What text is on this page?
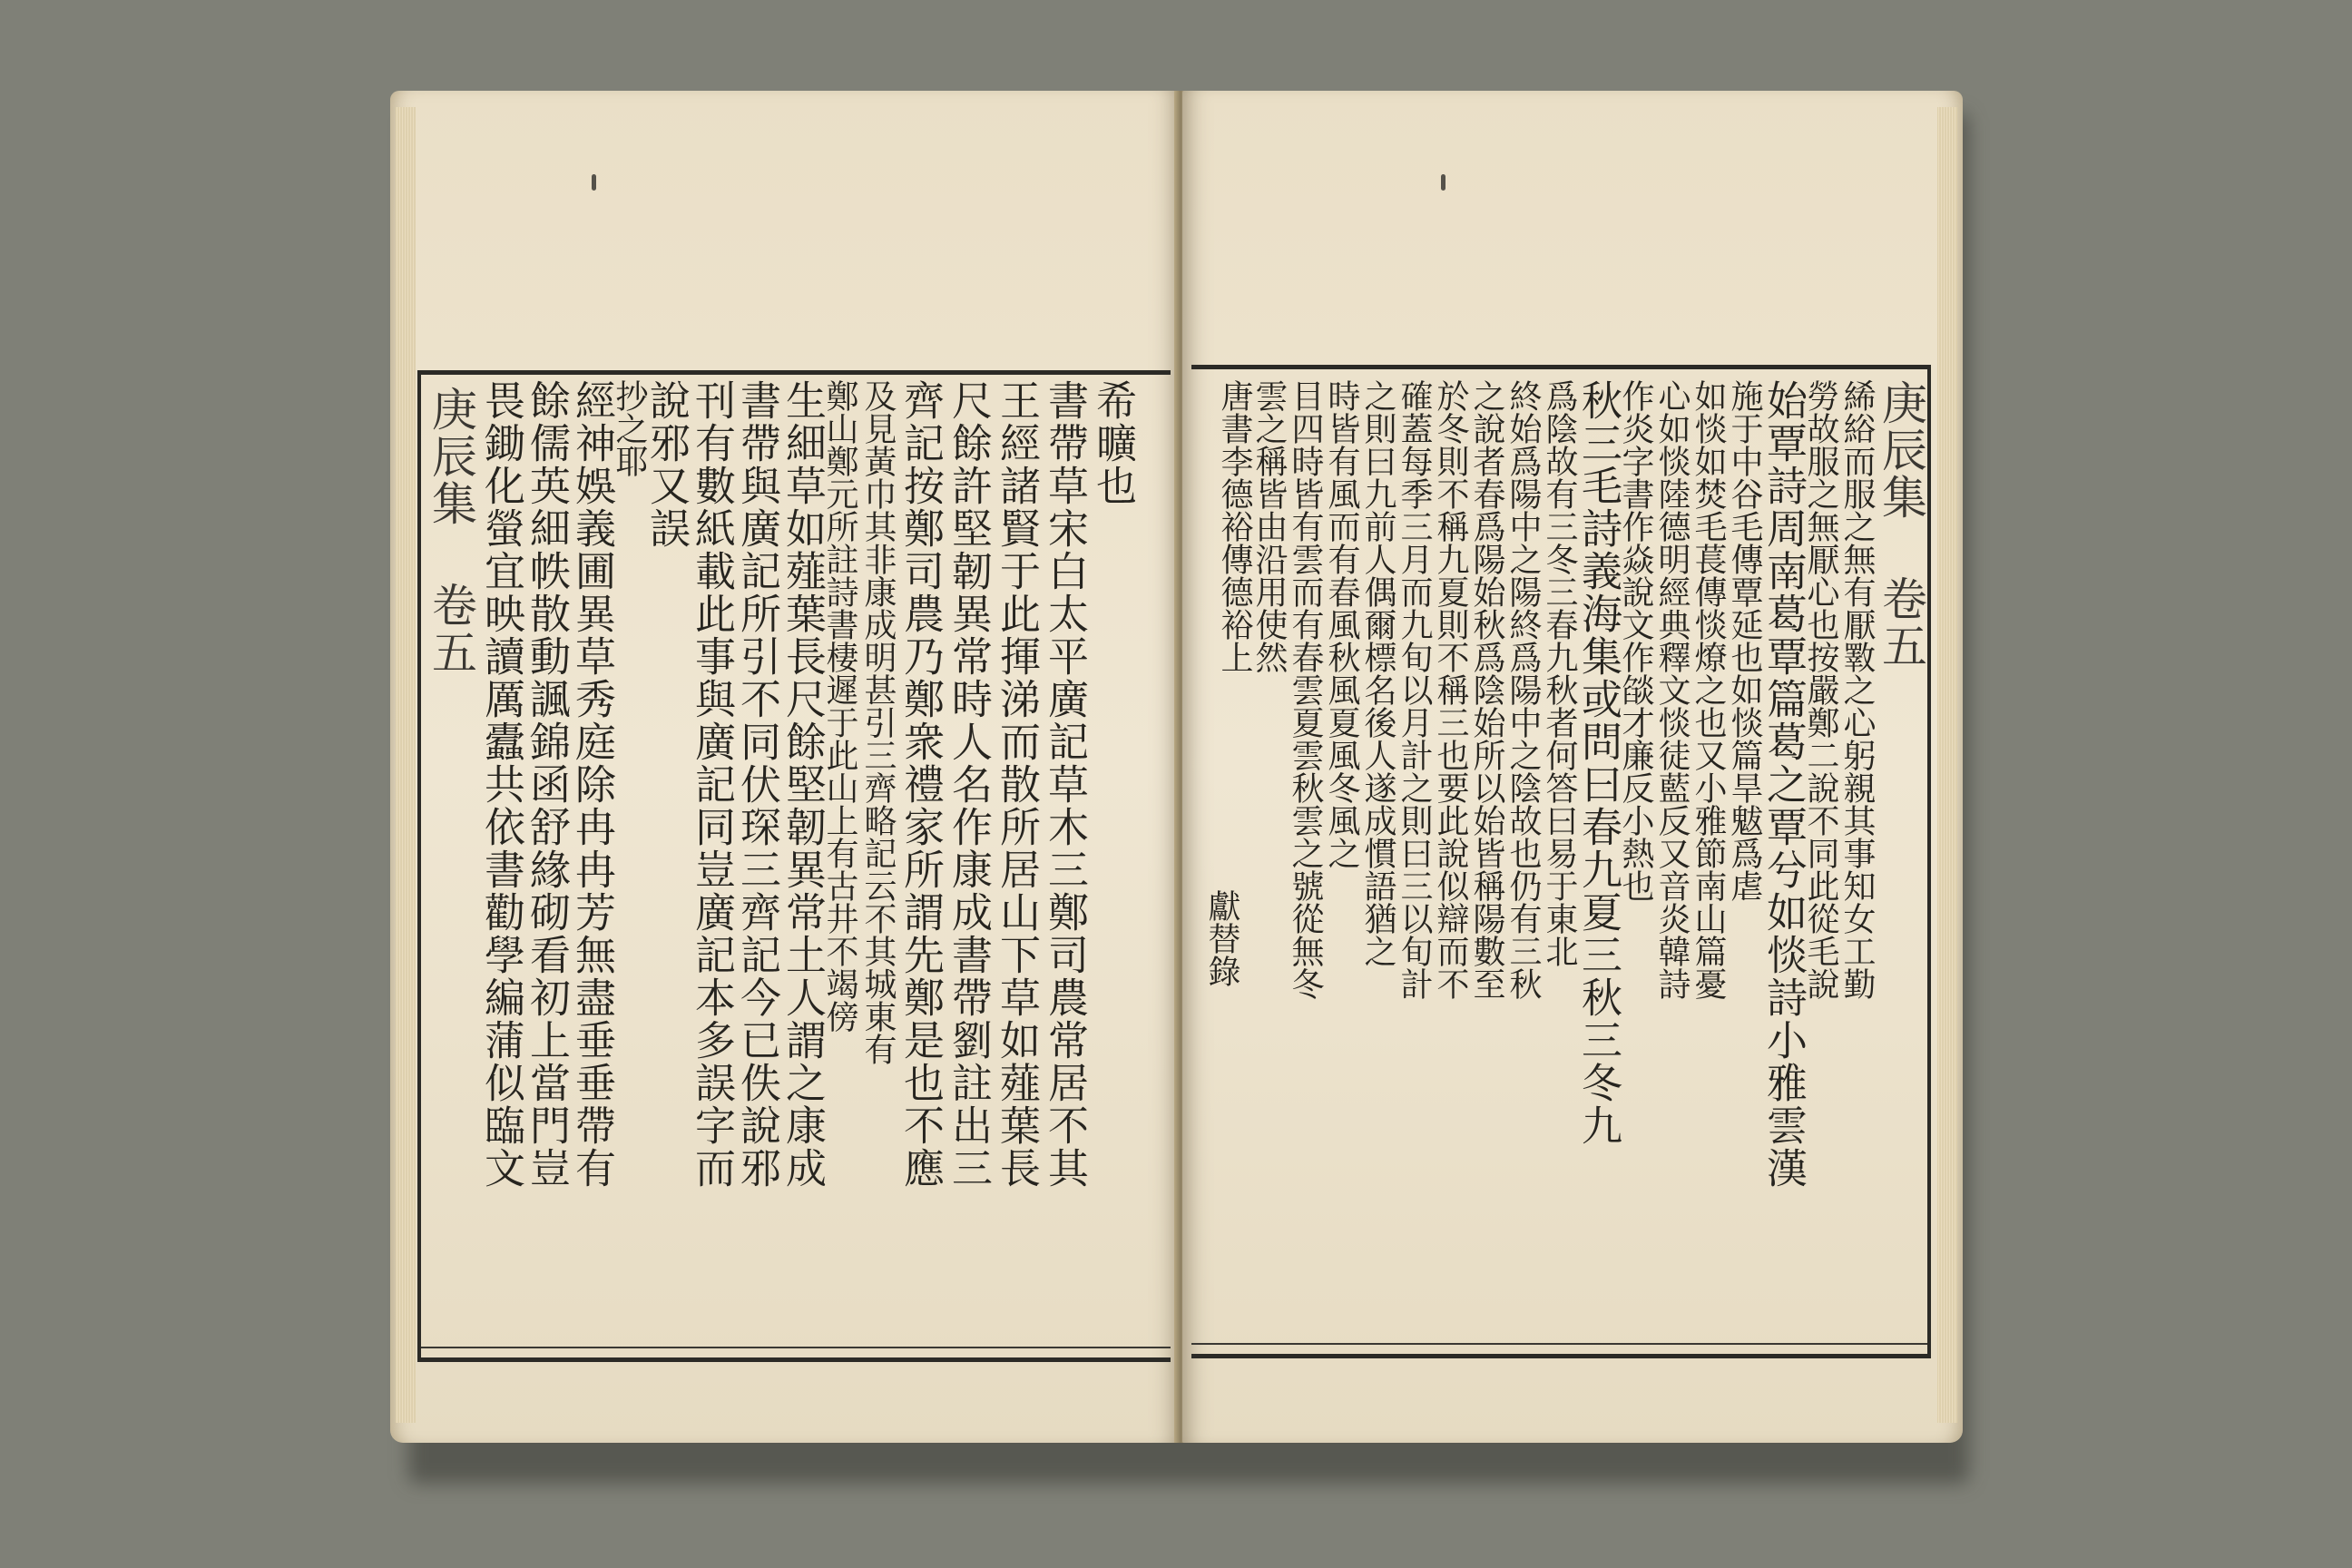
庚辰集 卷五	希曠也
書帶草宋白太平廣記草木三鄭司農常居不其
王經諸賢于此揮涕而散所居山下草如薤葉長
尺餘許堅韌異常時人名作康成書帶劉註出三
齊記按鄭司農乃鄭衆禮家所謂先鄭是也不應
及見黃巾其非康成明甚引三齊略記云不其城東有
鄭山鄭元所註詩書棲遲于此山上有古井不竭傍
生細草如薤葉長尺餘堅韌異常土人謂之康成
書帶與廣記所引不同伏琛三齊記今已佚說邪
刊有數紙載此事與廣記同豈廣記本多誤字而
說邪又誤
抄之耶
經神娛義圃異草秀庭除冉冉芳無盡垂垂帶有
餘儒英細帙散動諷錦函舒緣砌看初上當門豈
畏鋤化螢宜映讀厲蠹共依書勸學編蒲似臨文	庚辰集 卷五
絺綌而服之無有厭斁之心躬親其事知女工勤
勞故服之無厭心也按嚴鄭二說不同此從毛說
始覃詩周南葛覃篇葛之覃兮如惔詩小雅雲漢
施于中谷毛傳覃延也如惔篇旱魃爲虐
如惔如焚毛萇傳惔燎之也又小雅節南山篇憂
心如惔陸德明經典釋文惔徒藍反又音炎韓詩
作炎字書作焱說文作燄才廉反小熱也
秋三毛詩義海集或問曰春九夏三秋三冬九
爲陰故有三冬三春九秋者何答曰易于東北
終始爲陽中之陽終爲陽中之陰故也仍有三秋
之說者春爲陽始秋爲陰始所以始皆稱陽數至
於冬則不稱九夏則不稱三也要此說似辯而不
確蓋每季三月而九旬以月計之則曰三以旬計
之則曰九前人偶爾標名後人遂成慣語猶之
時皆有風而有春風秋風夏風冬風之
目四時皆有雲而有春雲夏雲秋雲之號從無冬
雲之稱皆由沿用使然
唐書李德裕傳德裕上
獻替錄
